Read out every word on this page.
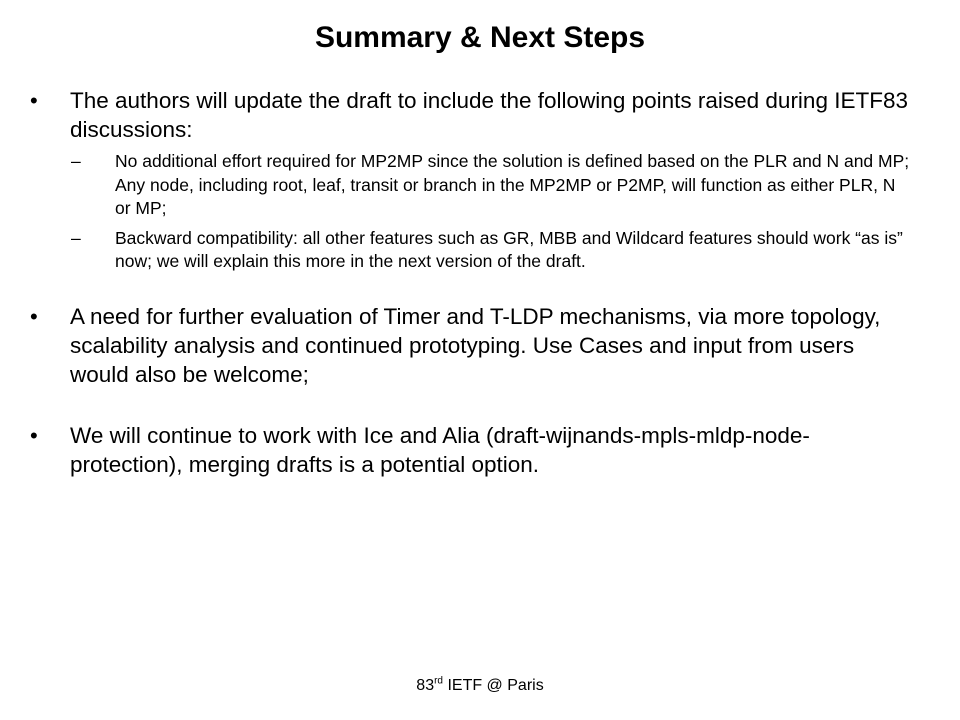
Summary & Next Steps
•	The authors will update the draft to include the following points raised during IETF83 discussions:
– No additional effort required for MP2MP since the solution is defined based on the PLR and N and MP; Any node, including root, leaf, transit or branch in the MP2MP or P2MP, will function as either PLR, N or MP;
– Backward compatibility: all other features such as GR, MBB and Wildcard features should work “as is” now; we will explain this more in the next version of the draft.
•	A need for further evaluation of Timer and T-LDP mechanisms, via more topology, scalability analysis and continued prototyping. Use Cases and input from users would also be welcome;
•	We will continue to work with Ice and Alia (draft-wijnands-mpls-mldp-node-protection), merging drafts is a potential option.
83rd IETF @ Paris
